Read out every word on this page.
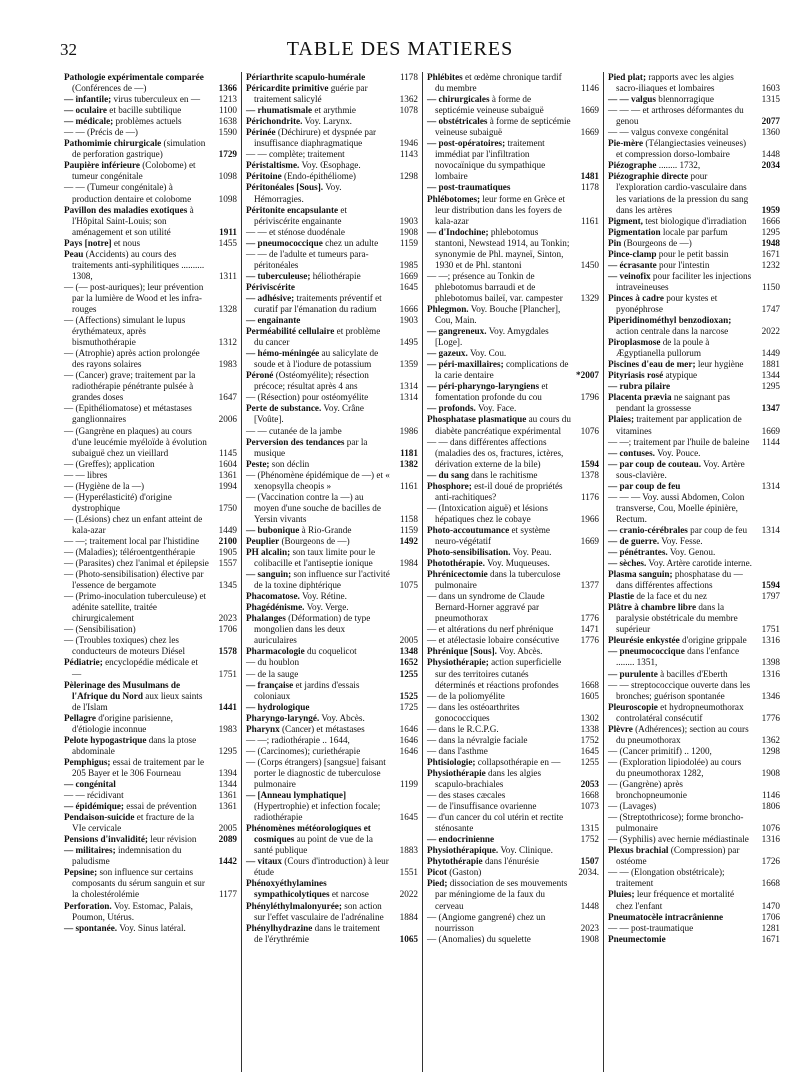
32	TABLE DES MATIERES

Pathologie expérimentale comparée (Conférences de —)	1366

— infantile; virus tuberculeux en — 1213

— oculaire et bacille subtilique	1100

— médicale; problèmes actuels	1638

— — (Précis de —)	1590

Pathomimie chirurgicale (simulation de perforation gastrique)	1729

Paupière inférieure (Colobome) et tumeur congénitale	1098

— — (Tumeur congénitale) à production dentaire et colobome	1098

Pavillon des maladies exotiques à l'Hôpital Saint-Louis; son aménagement et son utilité	1911

Pays [notre] et nous	1455

Peau (Accidents) au cours des traitements anti-syphilitiques .......... 1308,	1311

— (— post-auriques); leur prévention par la lumière de Wood et les infra-rouges	1328

— (Affections) simulant le lupus érythémateux, après bismuthothérapie	1312

— (Atrophie) après action prolongée des rayons solaires	1983

— (Cancer) grave; traitement par la radiothérapie pénétrante pulsée à grandes doses	1647

— (Epithéliomatose) et métastases ganglionnaires	2006

— (Gangrène en plaques) au cours d'une leucémie myéloïde à évolution subaiguë chez un vieillard	1145

— (Greffes); application	1604

— — libres	1361

— (Hygiène de la —)	1994

— (Hyperélasticité) d'origine dystrophique	1750

— (Lésions) chez un enfant atteint de kala-azar	1449

— —; traitement local par l'histidine 2100

— (Maladies); téléroentgenthérapie	1905

— (Parasites) chez l'animal et épilepsie 1557

— (Photo-sensibilisation) élective par l'essence de bergamote	1345

— (Primo-inoculation tuberculeuse) et adénite satellite, traitée chirurgicalement	2023

— (Sensibilisation)	1706

— (Troubles toxiques) chez les conducteurs de moteurs Diésel	1578

Pédiatrie; encyclopédie médicale et —	1751

Pèlerinage des Musulmans de l'Afrique du Nord aux lieux saints de l'Islam	1441

Pellagre d'origine parisienne, d'étiologie inconnue	1983

Pelote hypogastrique dans la ptose abdominale	1295

Pemphigus; essai de traitement par le 205 Bayer et le 306 Fourneau	1394

— congénital	1344

— — récidivant	1361

— épidémique; essai de prévention 1361

Pendaison-suicide et fracture de la VIe cervicale	2005

Pensions d'invalidité; leur révision 2089

— militaires; indemnisation du paludisme	1442

Pepsine; son influence sur certains composants du sérum sanguin et sur la cholestérolémie	1177

Perforation. Voy. Estomac, Palais, Poumon, Utérus.

— spontanée. Voy. Sinus latéral.

Périarthrite scapulo-humérale	1178

Péricardite primitive guérie par traitement salicylé	1362

— rhumatismale et arythmie	1078

Périchondrite. Voy. Larynx.

Périnée (Déchirure) et dyspnée par insuffisance diaphragmatique	1946

— — complète; traitement	1143

Péristaltisme. Voy. Œsophage.

Péritoine (Endo-épithéliome)	1298

Péritonéales [Sous]. Voy. Hémorragies.

Péritonite encapsulante et périviscérite engainante	1903

— — et sténose duodénale	1908

— pneumococcique chez un adulte 1159

— — de l'adulte et tumeurs para-péritonéales	1985

— tuberculeuse; héliothérapie	1669

Périviscérite	1645

— adhésive; traitements préventif et curatif par l'émanation du radium	1666

— engainante	1903

Perméabilité cellulaire et problème du cancer	1495

— hémo-méningée au salicylate de soude et à l'iodure de potassium	1359

Péroné (Ostéomyélite); résection précoce; résultat après 4 ans	1314

— (Résection) pour ostéomyélite	1314

Perte de substance. Voy. Crâne [Voûte].

— — cutanée de la jambe	1986

Perversion des tendances par la musique	1181

Peste; son déclin	1382

— (Phénomène épidémique de —) et « xenopsylla cheopis »	1161

— (Vaccination contre la —) au moyen d'une souche de bacilles de Yersin vivants	1158

— bubonique à Rio-Grande	1159

Peuplier (Bourgeons de —)	1492

PH alcalin; son taux limite pour le colibacille et l'antiseptie ionique	1984

— sanguin; son influence sur l'activité de la toxine diphtérique	1075

Phacomatose. Voy. Rétine.

Phagédénisme. Voy. Verge.

Phalanges (Déformation) de type mongolien dans les deux auriculaires	2005

Pharmacologie du coquelicot	1348

— du houblon	1652

— de la sauge	1255

— française et jardins d'essais coloniaux	1525

— hydrologique	1725

Pharyngo-laryngé. Voy. Abcès.

Pharynx (Cancer) et métastases	1646

— —; radiothérapie .. 1644,	1646

— (Carcinomes); curiethérapie	1646

— (Corps étrangers) [sangsue] faisant porter le diagnostic de tuberculose pulmonaire	1199

— [Anneau lymphatique] (Hypertrophie) et infection focale; radiothérapie	1645

Phénomènes météorologiques et cosmiques au point de vue de la santé publique	1883

— vitaux (Cours d'introduction) à leur étude	1551

Phénoxyéthylamines sympathicolytiques et narcose	2022

Phényléthylmalonyurée; son action sur l'effet vasculaire de l'adrénaline 1884

Phénylhydrazine dans le traitement de l'érythrémie	1065

Phlébites et œdème chronique tardif du membre	1146

— chirurgicales à forme de septicémie veineuse subaiguë	1669

— obstétricales à forme de septicémie veineuse subaiguë	1669

— post-opératoires; traitement immédiat par l'infiltration novocaïnique du sympathique lombaire	1481

— post-traumatiques	1178

Phlébotomes; leur forme en Grèce et leur distribution dans les foyers de kala-azar	1161

— d'Indochine; phlebotomus stantoni, Newstead 1914, au Tonkin; synonymie de Phl. mayneï, Sinton, 1930 et de Phl. stantoni	1450

— —; présence au Tonkin de phlebotomus barraudi et de phlebotomus baileï, var. campester 1329

Phlegmon. Voy. Bouche [Plancher], Cou, Main.

— gangreneux. Voy. Amygdales [Loge].

— gazeux. Voy. Cou.

— péri-maxillaires; complications de la carie dentaire	*2007

— péri-pharyngo-laryngiens et fomentation profonde du cou	1796

— profonds. Voy. Face.

Phosphatase plasmatique au cours du diabète pancréatique expérimental 1076

— — dans différentes affections (maladies des os, fractures, ictères, dérivation externe de la bile)	1594

— du sang dans le rachitisme	1378

Phosphore; est-il doué de propriétés anti-rachitiques?	1176

— (Intoxication aiguë) et lésions hépatiques chez le cobaye	1966

Photo-accoutumance et système neuro-végétatif	1669

Photo-sensibilisation. Voy. Peau.

Photothérapie. Voy. Muqueuses.

Phrénicectomie dans la tuberculose pulmonaire	1377

— dans un syndrome de Claude Bernard-Horner aggravé par pneumothorax	1776

— et altérations du nerf phrénique	1471

— et atélectasie lobaire consécutive 1776

Phrénique [Sous]. Voy. Abcès.

Physiothérapie; action superficielle sur des territoires cutanés déterminés et réactions profondes 1668

— de la poliomyélite	1605

— dans les ostéoarthrites gonococciques	1302

— dans le R.C.P.G.	1338

— dans la névralgie faciale	1752

— dans l'asthme	1645

Phtisiologie; collapsothérapie en — 1255

Physiothérapie dans les algies scapulo-brachiales	2053

— des stases cæcales	1668

— de l'insuffisance ovarienne	1073

— d'un cancer du col utérin et rectite sténosante	1315

— endocrinienne	1752

Physiothérapique. Voy. Clinique.

Phytothérapie dans l'énurésie	1507

Picot (Gaston)	2034.

Pied; dissociation de ses mouvements par méningiome de la faux du cerveau	1448

— (Angiome gangrené) chez un nourrisson	2023

— (Anomalies) du squelette	1908

Pied plat; rapports avec les algies sacro-iliaques et lombaires	1603

— — valgus blennorragique	1315

— — — et arthroses déformantes du genou	2077

— — valgus convexe congénital	1360

Pie-mère (Télangiectasies veineuses) et compression dorso-lombaire	1448

Piézographe ........ 1732,	2034

Piézographie directe pour l'exploration cardio-vasculaire dans les variations de la pression du sang dans les artères	1959

Pigment, test biologique d'irradiation 1666

Pigmentation locale par parfum	1295

Pin (Bourgeons de —)	1948

Pince-clamp pour le petit bassin	1671

— écrasante pour l'intestin	1232

— veinofix pour faciliter les injections intraveineuses	1150

Pinces à cadre pour kystes et pyonéphrose	1747

Piperidinométhyl benzodioxan; action centrale dans la narcose	2022

Piroplasmose de la poule à Ægyptianella pullorum	1449

Piscines d'eau de mer; leur hygiène 1881

Pityriasis rosé atypique	1344

— rubra pilaire	1295

Placenta prævia ne saignant pas pendant la grossesse	1347

Plaies; traitement par application de vitamines	1669

— —; traitement par l'huile de baleine 1144

— contuses. Voy. Pouce.

— par coup de couteau. Voy. Artère sous-clavière.

— par coup de feu	1314

— — — Voy. aussi Abdomen, Colon transverse, Cou, Moelle épinière, Rectum.

— cranio-cérébrales par coup de feu 1314

— de guerre. Voy. Fesse.

— pénétrantes. Voy. Genou.

— sèches. Voy. Artère carotide interne.

Plasma sanguin; phosphatase du — dans différentes affections	1594

Plastie de la face et du nez	1797

Plâtre à chambre libre dans la paralysie obstétricale du membre supérieur	1751

Pleurésie enkystée d'origine grippale 1316

— pneumococcique dans l'enfance ........ 1351,	1398

— purulente à bacilles d'Eberth	1316

— — streptococcique ouverte dans les bronches; guérison spontanée	1346

Pleuroscopie et hydropneumothorax controlatéral consécutif	1776

Plèvre (Adhérences); section au cours du pneumothorax	1362

— (Cancer primitif) .. 1200,	1298

— (Exploration lipiodolée) au cours du pneumothorax 1282,	1908

— (Gangrène) après bronchopneumonie	1146

— (Lavages)	1806

— (Streptothricose); forme broncho-pulmonaire	1076

— (Syphilis) avec hernie médiastinale 1316

Plexus brachial (Compression) par ostéome	1726

— — (Elongation obstétricale); traitement	1668

Pluies; leur fréquence et mortalité chez l'enfant	1470

Pneumatocèle intracrânienne	1706

— — post-traumatique	1281

Pneumectomie	1671
